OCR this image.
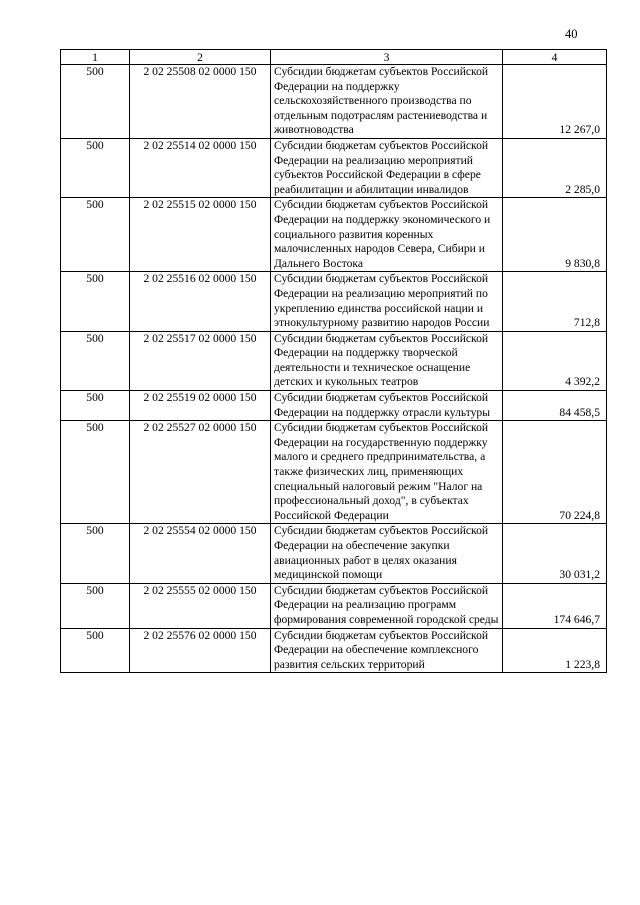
40
1	2	3	4
500	2 02 25508 02 0000 150	Субсидии бюджетам субъектов Российской Федерации на поддержку сельскохозяйственного производства по отдельным подотраслям растениеводства и животноводства	12 267,0
500	2 02 25514 02 0000 150	Субсидии бюджетам субъектов Российской Федерации на реализацию мероприятий субъектов Российской Федерации в сфере реабилитации и абилитации инвалидов	2 285,0
500	2 02 25515 02 0000 150	Субсидии бюджетам субъектов Российской Федерации на поддержку экономического и социального развития коренных малочисленных народов Севера, Сибири и Дальнего Востока	9 830,8
500	2 02 25516 02 0000 150	Субсидии бюджетам субъектов Российской Федерации на реализацию мероприятий по укреплению единства российской нации и этнокультурному развитию народов России	712,8
500	2 02 25517 02 0000 150	Субсидии бюджетам субъектов Российской Федерации на поддержку творческой деятельности и техническое оснащение детских и кукольных театров	4 392,2
500	2 02 25519 02 0000 150	Субсидии бюджетам субъектов Российской Федерации на поддержку отрасли культуры	84 458,5
500	2 02 25527 02 0000 150	Субсидии бюджетам субъектов Российской Федерации на государственную поддержку малого и среднего предпринимательства, а также физических лиц, применяющих специальный налоговый режим "Налог на профессиональный доход", в субъектах Российской Федерации	70 224,8
500	2 02 25554 02 0000 150	Субсидии бюджетам субъектов Российской Федерации на обеспечение закупки авиационных работ в целях оказания медицинской помощи	30 031,2
500	2 02 25555 02 0000 150	Субсидии бюджетам субъектов Российской Федерации на реализацию программ формирования современной городской среды	174 646,7
500	2 02 25576 02 0000 150	Субсидии бюджетам субъектов Российской Федерации на обеспечение комплексного развития сельских территорий	1 223,8
